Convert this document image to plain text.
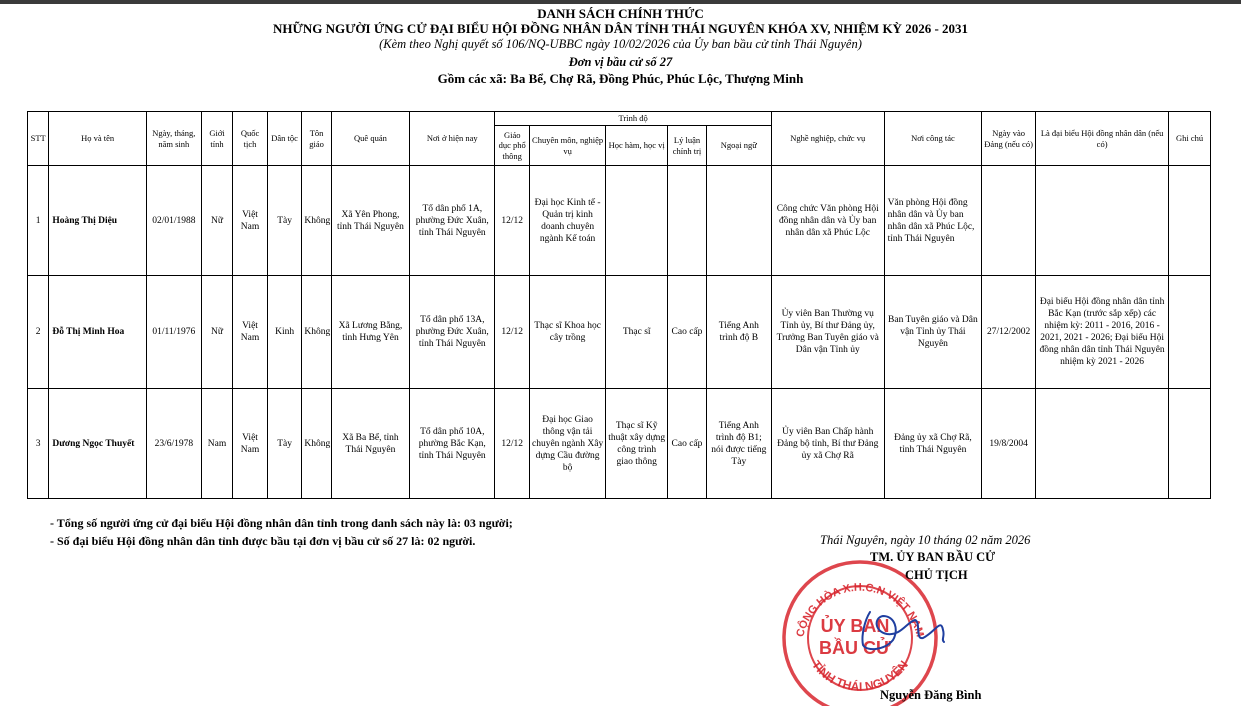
DANH SÁCH CHÍNH THỨC
NHỮNG NGƯỜI ỨNG CỬ ĐẠI BIỂU HỘI ĐỒNG NHÂN DÂN TỈNH THÁI NGUYÊN KHÓA XV, NHIỆM KỲ 2026 - 2031
(Kèm theo Nghị quyết số 106/NQ-UBBC ngày 10/02/2026 của Ủy ban bầu cử tỉnh Thái Nguyên)
Đơn vị bầu cử số 27
Gồm các xã: Ba Bể, Chợ Rã, Đồng Phúc, Phúc Lộc, Thượng Minh
STT	Họ và tên	Ngày, tháng, năm sinh	Giới tính	Quốc tịch	Dân tộc	Tôn giáo	Quê quán	Nơi ở hiện nay	Trình độ					Nghề nghiệp, chức vụ	Nơi công tác	Ngày vào Đảng (nếu có)	Là đại biểu Hội đồng nhân dân (nếu có)	Ghi chú
									Giáo dục phổ thông	Chuyên môn, nghiệp vụ	Học hàm, học vị	Lý luận chính trị	Ngoại ngữ					
1	Hoàng Thị Diệu	02/01/1988	Nữ	Việt Nam	Tày	Không	Xã Yên Phong, tỉnh Thái Nguyên	Tổ dân phố 1A, phường Đức Xuân, tỉnh Thái Nguyên	12/12	Đại học Kinh tế - Quản trị kinh doanh chuyên ngành Kế toán				Công chức Văn phòng Hội đồng nhân dân và Ủy ban nhân dân xã Phúc Lộc	Văn phòng Hội đồng nhân dân và Ủy ban nhân dân xã Phúc Lộc, tỉnh Thái Nguyên			
2	Đỗ Thị Minh Hoa	01/11/1976	Nữ	Việt Nam	Kinh	Không	Xã Lương Bằng, tỉnh Hưng Yên	Tổ dân phố 13A, phường Đức Xuân, tỉnh Thái Nguyên	12/12	Thạc sĩ Khoa học cây trồng	Thạc sĩ	Cao cấp	Tiếng Anh trình độ B	Ủy viên Ban Thường vụ Tỉnh ủy, Bí thư Đảng ủy, Trưởng Ban Tuyên giáo và Dân vận Tỉnh ủy	Ban Tuyên giáo và Dân vận Tỉnh ủy Thái Nguyên	27/12/2002	Đại biểu Hội đồng nhân dân tỉnh Bắc Kạn (trước sắp xếp) các nhiệm kỳ: 2011 - 2016, 2016 - 2021, 2021 - 2026; Đại biểu Hội đồng nhân dân tỉnh Thái Nguyên nhiệm kỳ 2021 - 2026	
3	Dương Ngọc Thuyết	23/6/1978	Nam	Việt Nam	Tày	Không	Xã Ba Bể, tỉnh Thái Nguyên	Tổ dân phố 10A, phường Bắc Kạn, tỉnh Thái Nguyên	12/12	Đại học Giao thông vận tải chuyên ngành Xây dựng Cầu đường bộ	Thạc sĩ Kỹ thuật xây dựng công trình giao thông	Cao cấp	Tiếng Anh trình độ B1; nói được tiếng Tày	Ủy viên Ban Chấp hành Đảng bộ tỉnh, Bí thư Đảng ủy xã Chợ Rã	Đảng ủy xã Chợ Rã, tỉnh Thái Nguyên	19/8/2004		
- Tổng số người ứng cử đại biểu Hội đồng nhân dân tỉnh trong danh sách này là: 03 người;
- Số đại biểu Hội đồng nhân dân tỉnh được bầu tại đơn vị bầu cử số 27 là: 02 người.
CỘNG HÒA X.H.C.N VIỆT NAM
TỈNH THÁI NGUYÊN
ỦY BAN
BẦU CỬ
Thái Nguyên, ngày 10 tháng 02 năm 2026
TM. ỦY BAN BẦU CỬ
CHỦ TỊCH
Nguyễn Đăng Bình
